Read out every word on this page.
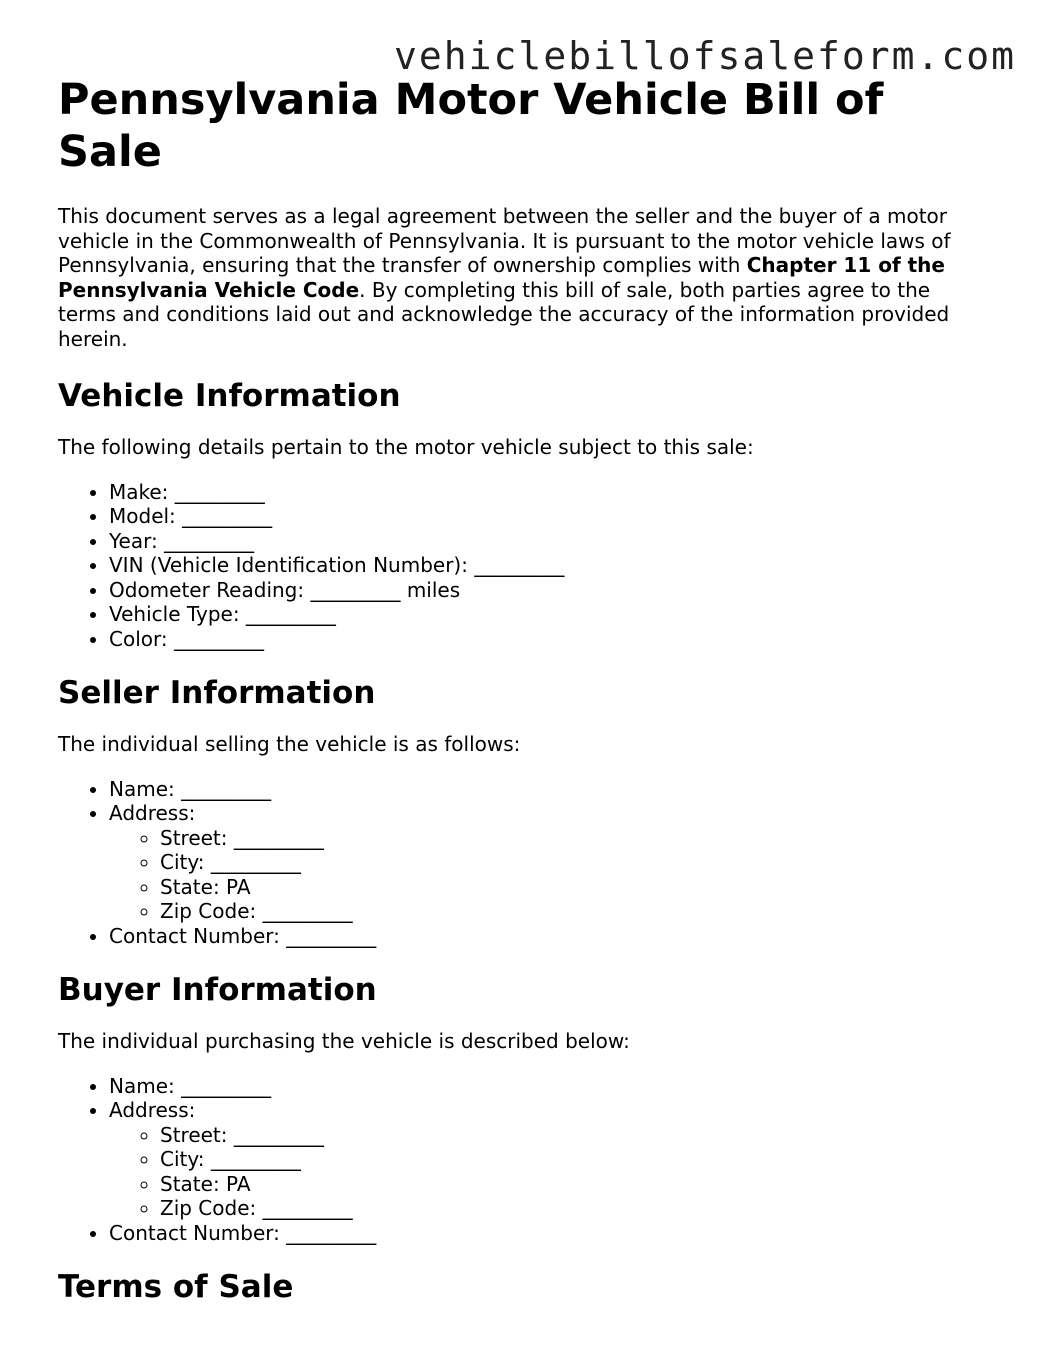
vehiclebillofsaleform.com
Pennsylvania Motor Vehicle Bill of Sale

This document serves as a legal agreement between the seller and the buyer of a motor vehicle in the Commonwealth of Pennsylvania. It is pursuant to the motor vehicle laws of Pennsylvania, ensuring that the transfer of ownership complies with Chapter 11 of the Pennsylvania Vehicle Code. By completing this bill of sale, both parties agree to the terms and conditions laid out and acknowledge the accuracy of the information provided herein.

Vehicle Information

The following details pertain to the motor vehicle subject to this sale:

• Make: _________
• Model: _________
• Year: _________
• VIN (Vehicle Identification Number): _________
• Odometer Reading: _________ miles
• Vehicle Type: _________
• Color: _________
Seller Information

The individual selling the vehicle is as follows:

• Name: _________
• Address:
◦ Street: _________
◦ City: _________
◦ State: PA
◦ Zip Code: _________
• Contact Number: _________
Buyer Information

The individual purchasing the vehicle is described below:

• Name: _________
• Address:
◦ Street: _________
◦ City: _________
◦ State: PA
◦ Zip Code: _________
• Contact Number: _________
Terms of Sale
